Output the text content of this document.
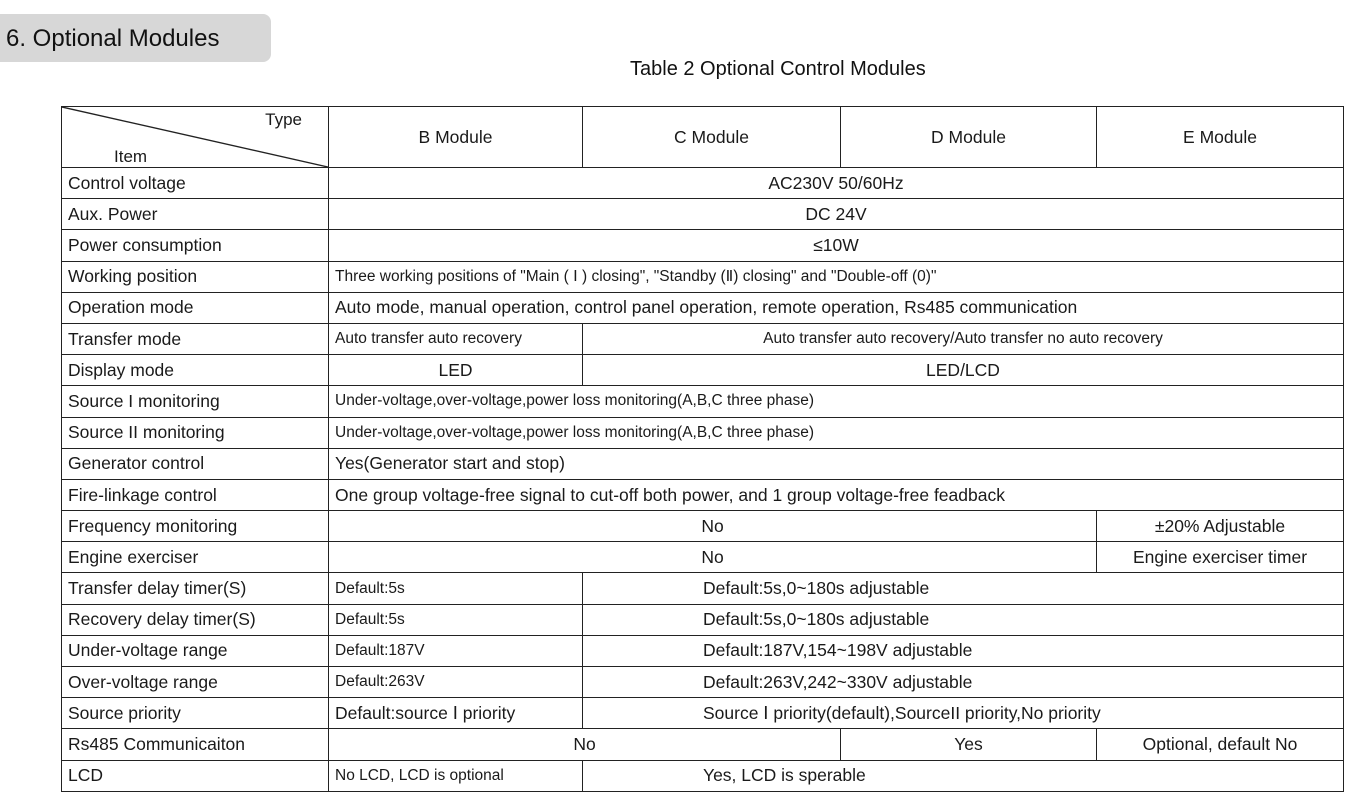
6. Optional Modules
Table 2 Optional Control Modules
Type
Item	B Module	C Module	D Module	E Module
Control voltage	AC230V 50/60Hz			
Aux. Power	DC 24V			
Power consumption	≤10W			
Working position	Three working positions of "Main ( Ⅰ ) closing", "Standby (Ⅱ) closing" and "Double-off (0)"			
Operation mode	Auto mode, manual operation, control panel operation, remote operation, Rs485 communication			
Transfer mode	Auto transfer auto recovery	Auto transfer auto recovery/Auto transfer no auto recovery		
Display mode	LED	LED/LCD		
Source I monitoring	Under-voltage,over-voltage,power loss monitoring(A,B,C three phase)			
Source II monitoring	Under-voltage,over-voltage,power loss monitoring(A,B,C three phase)			
Generator control	Yes(Generator start and stop)			
Fire-linkage control	One group voltage-free signal to cut-off both power, and 1 group voltage-free feadback			
Frequency monitoring	No			±20% Adjustable
Engine exerciser	No			Engine exerciser timer
Transfer delay timer(S)	Default:5s	Default:5s,0~180s adjustable		
Recovery delay timer(S)	Default:5s	Default:5s,0~180s adjustable		
Under-voltage range	Default:187V	Default:187V,154~198V adjustable		
Over-voltage range	Default:263V	Default:263V,242~330V adjustable		
Source priority	Default:source Ⅰ priority	Source Ⅰ priority(default),SourceII priority,No priority		
Rs485 Communicaiton	No		Yes	Optional, default No
LCD	No LCD, LCD is optional	Yes, LCD is sperable		
